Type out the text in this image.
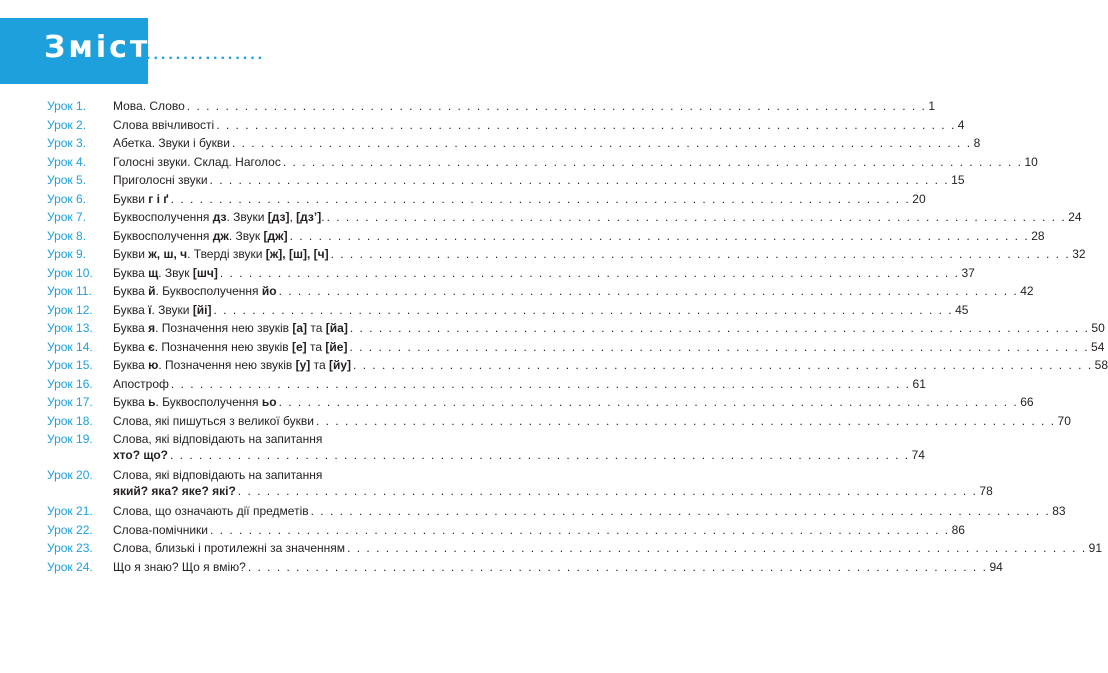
Зміст
................
Урок 1.	Мова. Слово . . . . . . . . . . . . . . . . . . . . . . . . . . . . . . . . . . . . . . . . . . . . . . . . . . . . . . . . . . . . . . . . . . . . . . . . . . . . . 1
Урок 2.	Слова ввічливості . . . . . . . . . . . . . . . . . . . . . . . . . . . . . . . . . . . . . . . . . . . . . . . . . . . . . . . . . . . . . . . . . . . . . . . . . . . . . 4
Урок 3.	Абетка. Звуки і букви . . . . . . . . . . . . . . . . . . . . . . . . . . . . . . . . . . . . . . . . . . . . . . . . . . . . . . . . . . . . . . . . . . . . . . . . . . . . . 8
Урок 4.	Голосні звуки. Склад. Наголос . . . . . . . . . . . . . . . . . . . . . . . . . . . . . . . . . . . . . . . . . . . . . . . . . . . . . . . . . . . . . . . . . . . . . . . . . . . . . 10
Урок 5.	Приголосні звуки . . . . . . . . . . . . . . . . . . . . . . . . . . . . . . . . . . . . . . . . . . . . . . . . . . . . . . . . . . . . . . . . . . . . . . . . . . . . . 15
Урок 6.	Букви г і ґ . . . . . . . . . . . . . . . . . . . . . . . . . . . . . . . . . . . . . . . . . . . . . . . . . . . . . . . . . . . . . . . . . . . . . . . . . . . . . 20
Урок 7.	Буквосполучення дз. Звуки [дз], [дз’]. . . . . . . . . . . . . . . . . . . . . . . . . . . . . . . . . . . . . . . . . . . . . . . . . . . . . . . . . . . . . . . . . . . . . . . . . . . . . . 24
Урок 8.	Буквосполучення дж. Звук [дж] . . . . . . . . . . . . . . . . . . . . . . . . . . . . . . . . . . . . . . . . . . . . . . . . . . . . . . . . . . . . . . . . . . . . . . . . . . . . . 28
Урок 9.	Букви ж, ш, ч. Тверді звуки [ж], [ш], [ч] . . . . . . . . . . . . . . . . . . . . . . . . . . . . . . . . . . . . . . . . . . . . . . . . . . . . . . . . . . . . . . . . . . . . . . . . . . . . . 32
Урок 10.	Буква щ. Звук [шч] . . . . . . . . . . . . . . . . . . . . . . . . . . . . . . . . . . . . . . . . . . . . . . . . . . . . . . . . . . . . . . . . . . . . . . . . . . . . . 37
Урок 11.	Буква й. Буквосполучення йо . . . . . . . . . . . . . . . . . . . . . . . . . . . . . . . . . . . . . . . . . . . . . . . . . . . . . . . . . . . . . . . . . . . . . . . . . . . . . 42
Урок 12.	Буква ї. Звуки [йі] . . . . . . . . . . . . . . . . . . . . . . . . . . . . . . . . . . . . . . . . . . . . . . . . . . . . . . . . . . . . . . . . . . . . . . . . . . . . . 45
Урок 13.	Буква я. Позначення нею звуків [а] та [йа] . . . . . . . . . . . . . . . . . . . . . . . . . . . . . . . . . . . . . . . . . . . . . . . . . . . . . . . . . . . . . . . . . . . . . . . . . . . . . 50
Урок 14.	Буква є. Позначення нею звуків [е] та [йе] . . . . . . . . . . . . . . . . . . . . . . . . . . . . . . . . . . . . . . . . . . . . . . . . . . . . . . . . . . . . . . . . . . . . . . . . . . . . . 54
Урок 15.	Буква ю. Позначення нею звуків [у] та [йу] . . . . . . . . . . . . . . . . . . . . . . . . . . . . . . . . . . . . . . . . . . . . . . . . . . . . . . . . . . . . . . . . . . . . . . . . . . . . . 58
Урок 16.	Апостроф . . . . . . . . . . . . . . . . . . . . . . . . . . . . . . . . . . . . . . . . . . . . . . . . . . . . . . . . . . . . . . . . . . . . . . . . . . . . . 61
Урок 17.	Буква ь. Буквосполучення ьо . . . . . . . . . . . . . . . . . . . . . . . . . . . . . . . . . . . . . . . . . . . . . . . . . . . . . . . . . . . . . . . . . . . . . . . . . . . . . 66
Урок 18.	Слова, які пишуться з великої букви . . . . . . . . . . . . . . . . . . . . . . . . . . . . . . . . . . . . . . . . . . . . . . . . . . . . . . . . . . . . . . . . . . . . . . . . . . . . . 70
Урок 19.	Слова, які відповідають на запитання
хто? що? . . . . . . . . . . . . . . . . . . . . . . . . . . . . . . . . . . . . . . . . . . . . . . . . . . . . . . . . . . . . . . . . . . . . . . . . . . . . . 74
Урок 20.	Слова, які відповідають на запитання
який? яка? яке? які? . . . . . . . . . . . . . . . . . . . . . . . . . . . . . . . . . . . . . . . . . . . . . . . . . . . . . . . . . . . . . . . . . . . . . . . . . . . . . 78
Урок 21.	Слова, що означають дії предметів . . . . . . . . . . . . . . . . . . . . . . . . . . . . . . . . . . . . . . . . . . . . . . . . . . . . . . . . . . . . . . . . . . . . . . . . . . . . . 83
Урок 22.	Слова-помічники . . . . . . . . . . . . . . . . . . . . . . . . . . . . . . . . . . . . . . . . . . . . . . . . . . . . . . . . . . . . . . . . . . . . . . . . . . . . . 86
Урок 23.	Слова, близькі і протилежні за значенням . . . . . . . . . . . . . . . . . . . . . . . . . . . . . . . . . . . . . . . . . . . . . . . . . . . . . . . . . . . . . . . . . . . . . . . . . . . . . 91
Урок 24.	Що я знаю? Що я вмію? . . . . . . . . . . . . . . . . . . . . . . . . . . . . . . . . . . . . . . . . . . . . . . . . . . . . . . . . . . . . . . . . . . . . . . . . . . . . . 94
